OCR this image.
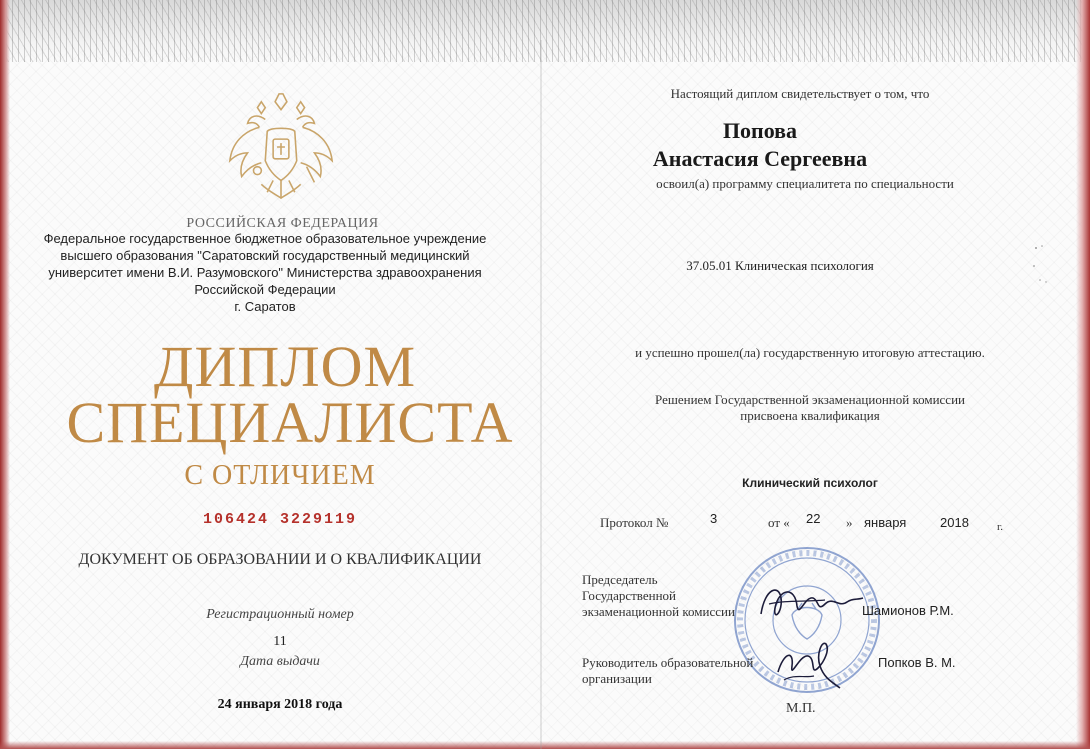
РОССИЙСКАЯ ФЕДЕРАЦИЯ
Федеральное государственное бюджетное образовательное учреждение
высшего образования "Саратовский государственный медицинский
университет имени В.И. Разумовского" Министерства здравоохранения
Российской Федерации
г. Саратов
ДИПЛОМ
СПЕЦИАЛИСТА
С ОТЛИЧИЕМ
106424 3229119
ДОКУМЕНТ ОБ ОБРАЗОВАНИИ И О КВАЛИФИКАЦИИ
Регистрационный номер
11
Дата выдачи
24 января 2018 года
Настоящий диплом свидетельствует о том, что
Попова
Анастасия Сергеевна
освоил(а) программу специалитета по специальности
37.05.01 Клиническая психология
и успешно прошел(ла) государственную итоговую аттестацию.
Решением Государственной экзаменационной комиссии
присвоена квалификация
Клинический психолог
Протокол №	3	от « 22 » января	2018	г.
Председатель
Государственной
экзаменационной комиссии	Шамионов Р.М.
Руководитель образовательной
организации
Попков В. М.
М.П.
